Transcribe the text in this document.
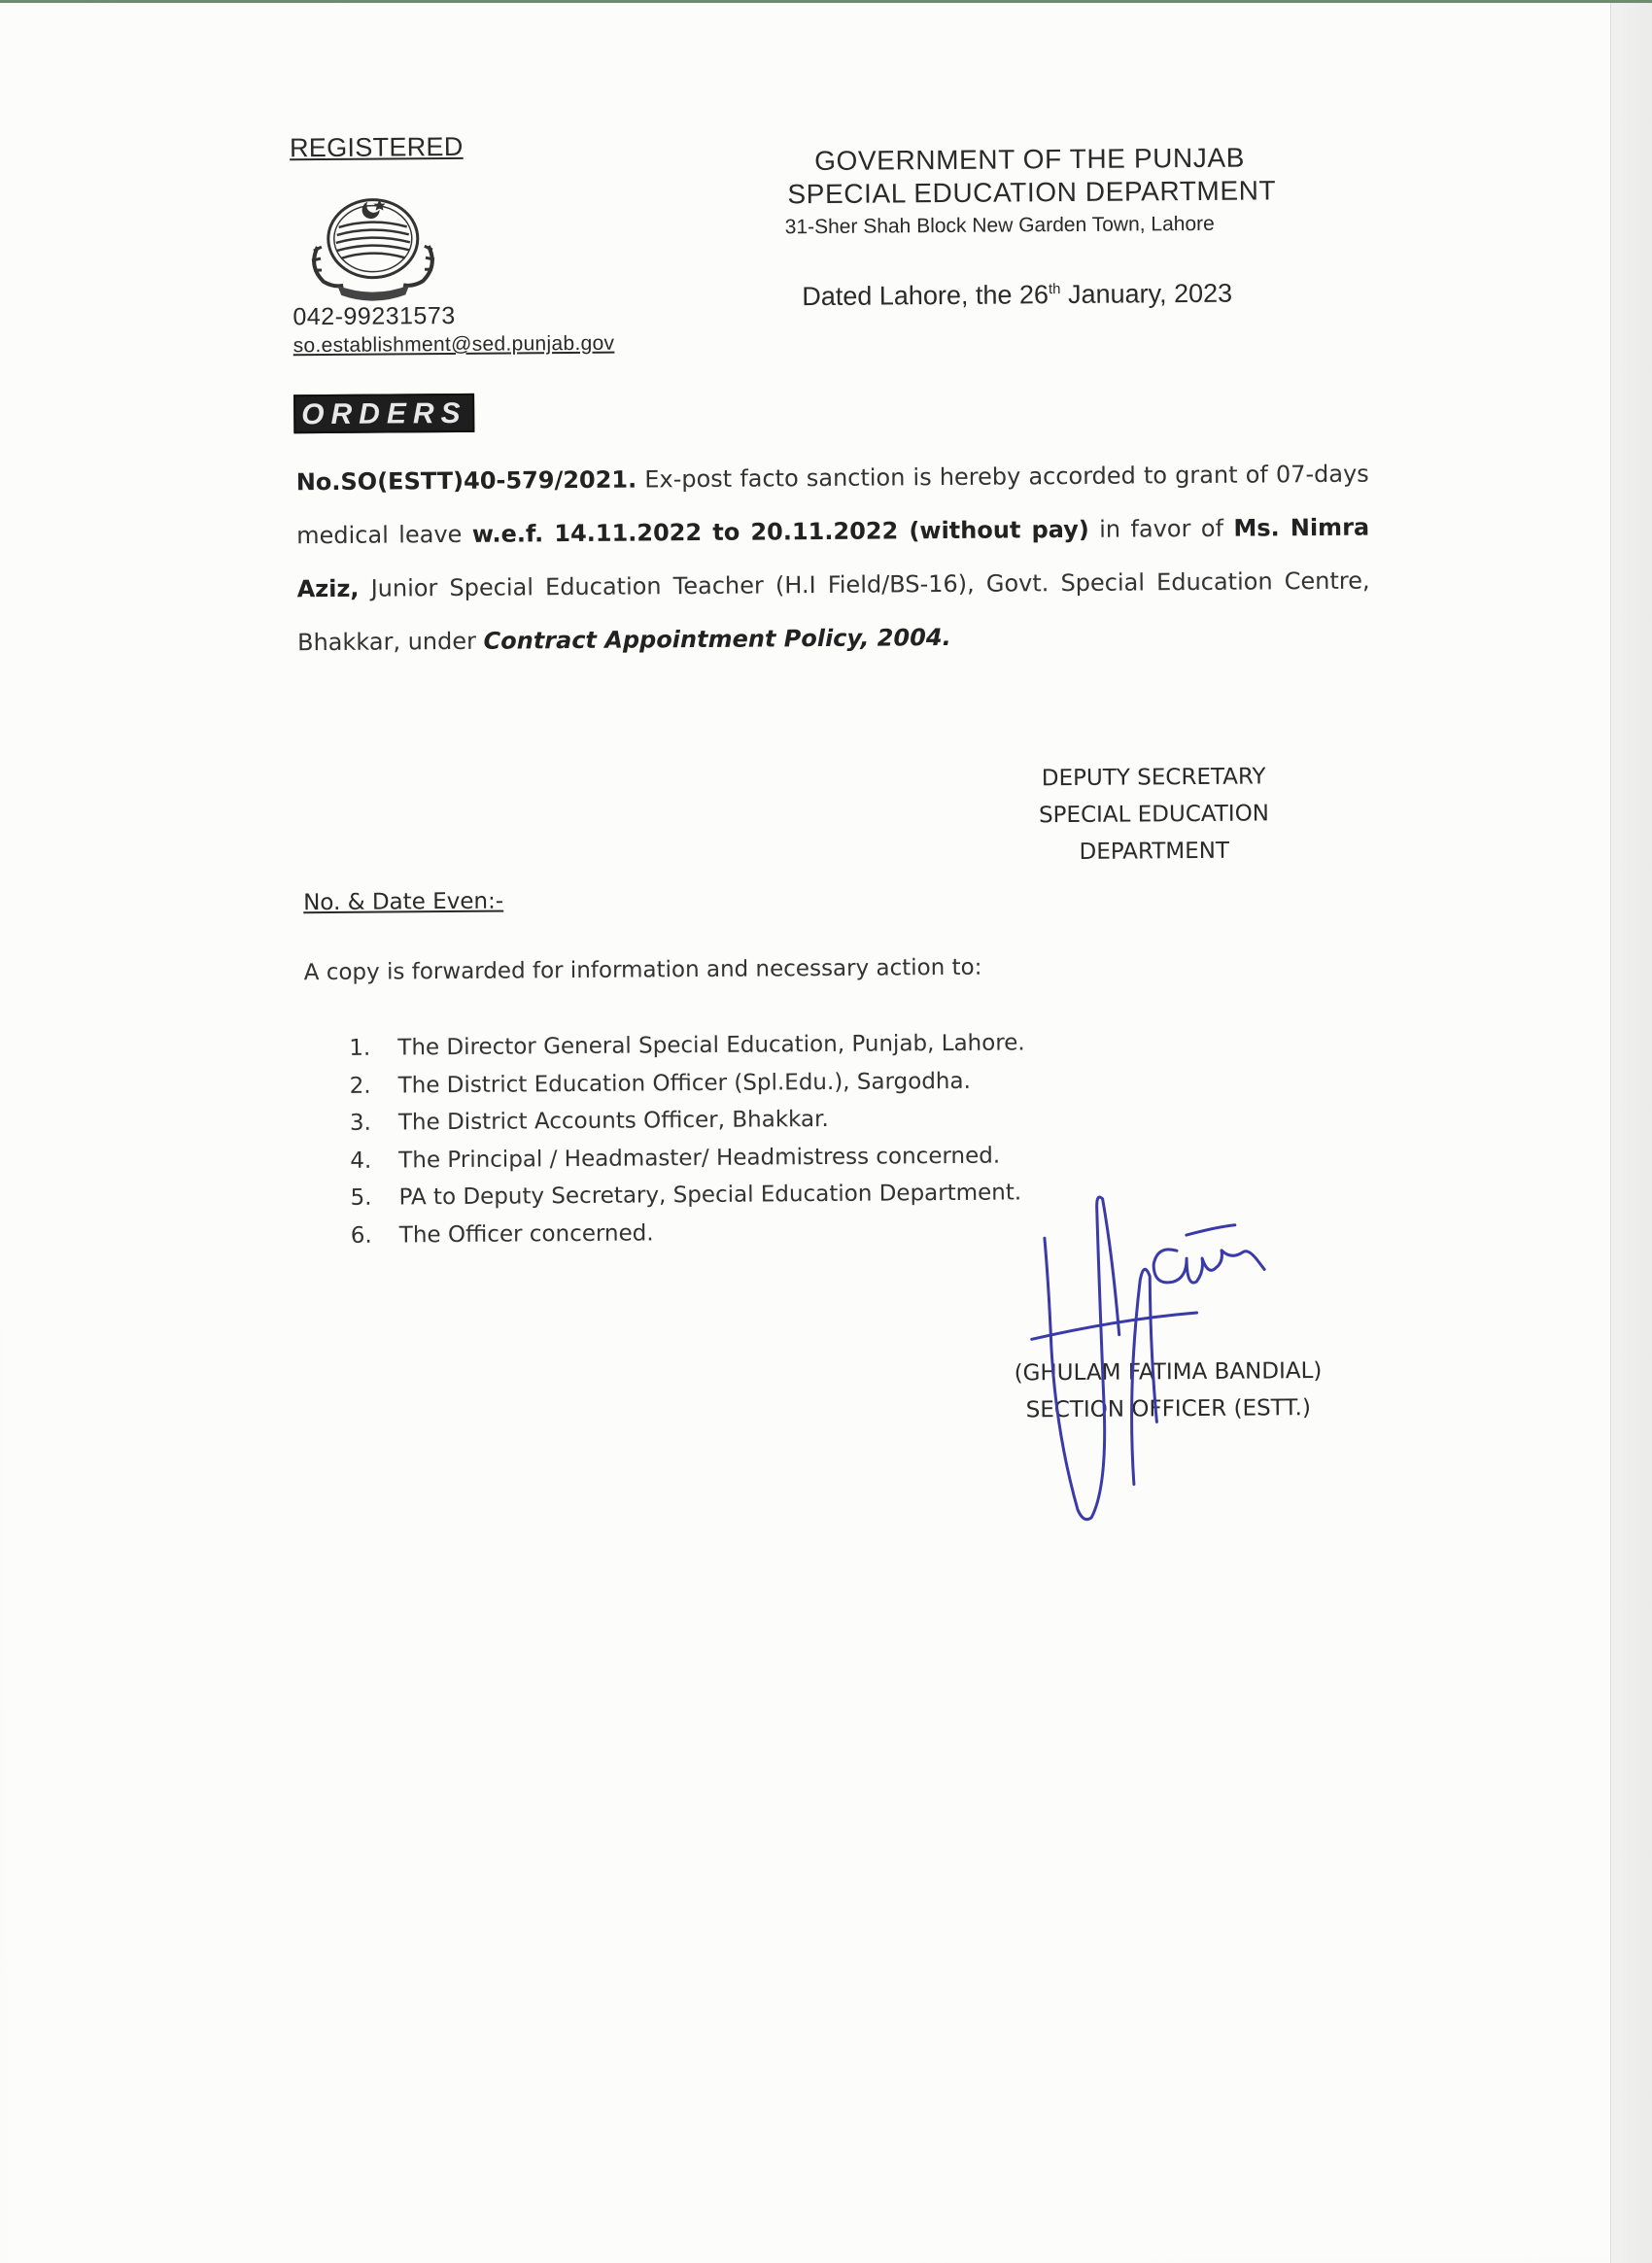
REGISTERED
042-99231573
so.establishment@sed.punjab.gov
GOVERNMENT OF THE PUNJAB
SPECIAL EDUCATION DEPARTMENT
31-Sher Shah Block New Garden Town, Lahore
Dated Lahore, the 26th January, 2023
ORDERS
No.SO(ESTT)40-579/2021. Ex-post facto sanction is hereby accorded to grant of 07-days medical leave w.e.f. 14.11.2022 to 20.11.2022 (without pay) in favor of Ms. Nimra Aziz, Junior Special Education Teacher (H.I Field/BS-16), Govt. Special Education Centre, Bhakkar, under Contract Appointment Policy, 2004.
DEPUTY SECRETARY
SPECIAL EDUCATION
DEPARTMENT
No. & Date Even:-
A copy is forwarded for information and necessary action to:
1. The Director General Special Education, Punjab, Lahore.
2. The District Education Officer (Spl.Edu.), Sargodha.
3. The District Accounts Officer, Bhakkar.
4. The Principal / Headmaster/ Headmistress concerned.
5. PA to Deputy Secretary, Special Education Department.
6. The Officer concerned.
(GHULAM FATIMA BANDIAL)
SECTION OFFICER (ESTT.)
